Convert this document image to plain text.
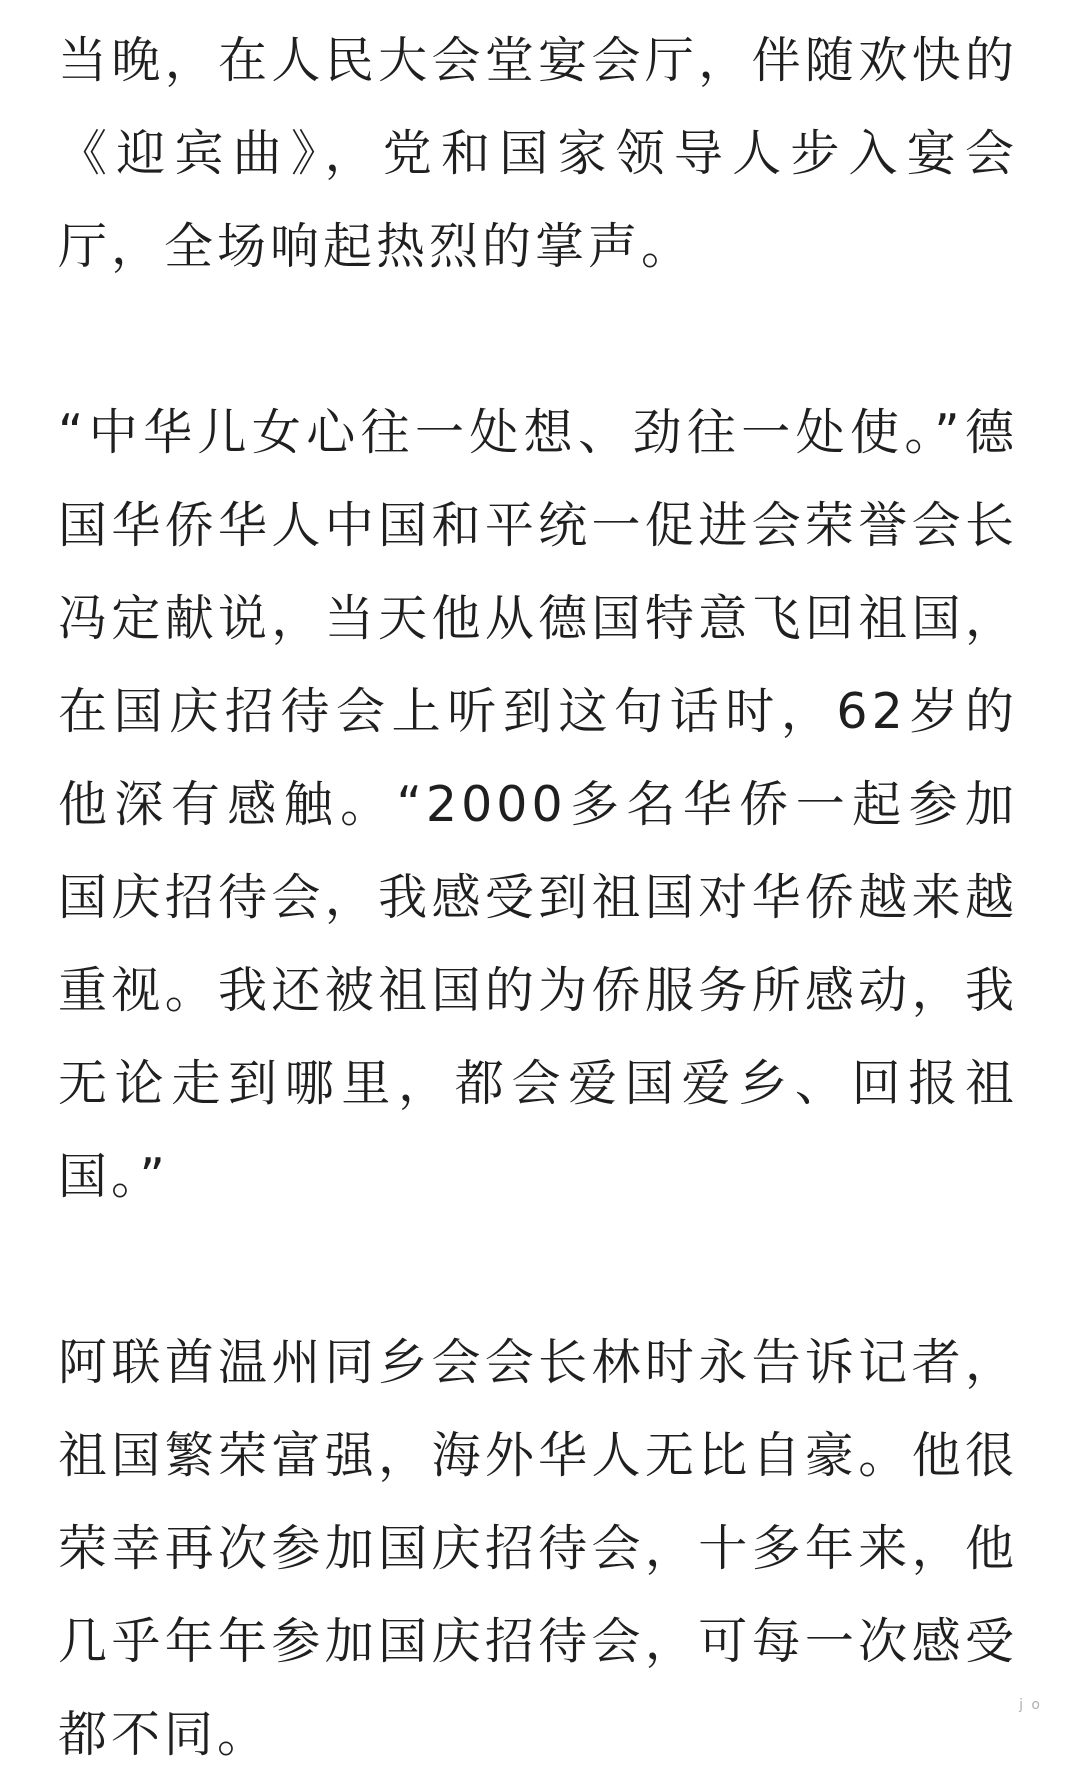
当晚，在人民大会堂宴会厅，伴随欢快的《迎宾曲》，党和国家领导人步入宴会厅，全场响起热烈的掌声。

“中华儿女心往一处想、劲往一处使。”德国华侨华人中国和平统一促进会荣誉会长冯定献说，当天他从德国特意飞回祖国，在国庆招待会上听到这句话时，62岁的他深有感触。“2000多名华侨一起参加国庆招待会，我感受到祖国对华侨越来越重视。我还被祖国的为侨服务所感动，我无论走到哪里，都会爱国爱乡、回报祖国。”

阿联酋温州同乡会会长林时永告诉记者，祖国繁荣富强，海外华人无比自豪。他很荣幸再次参加国庆招待会，十多年来，他几乎年年参加国庆招待会，可每一次感受都不同。

j o
